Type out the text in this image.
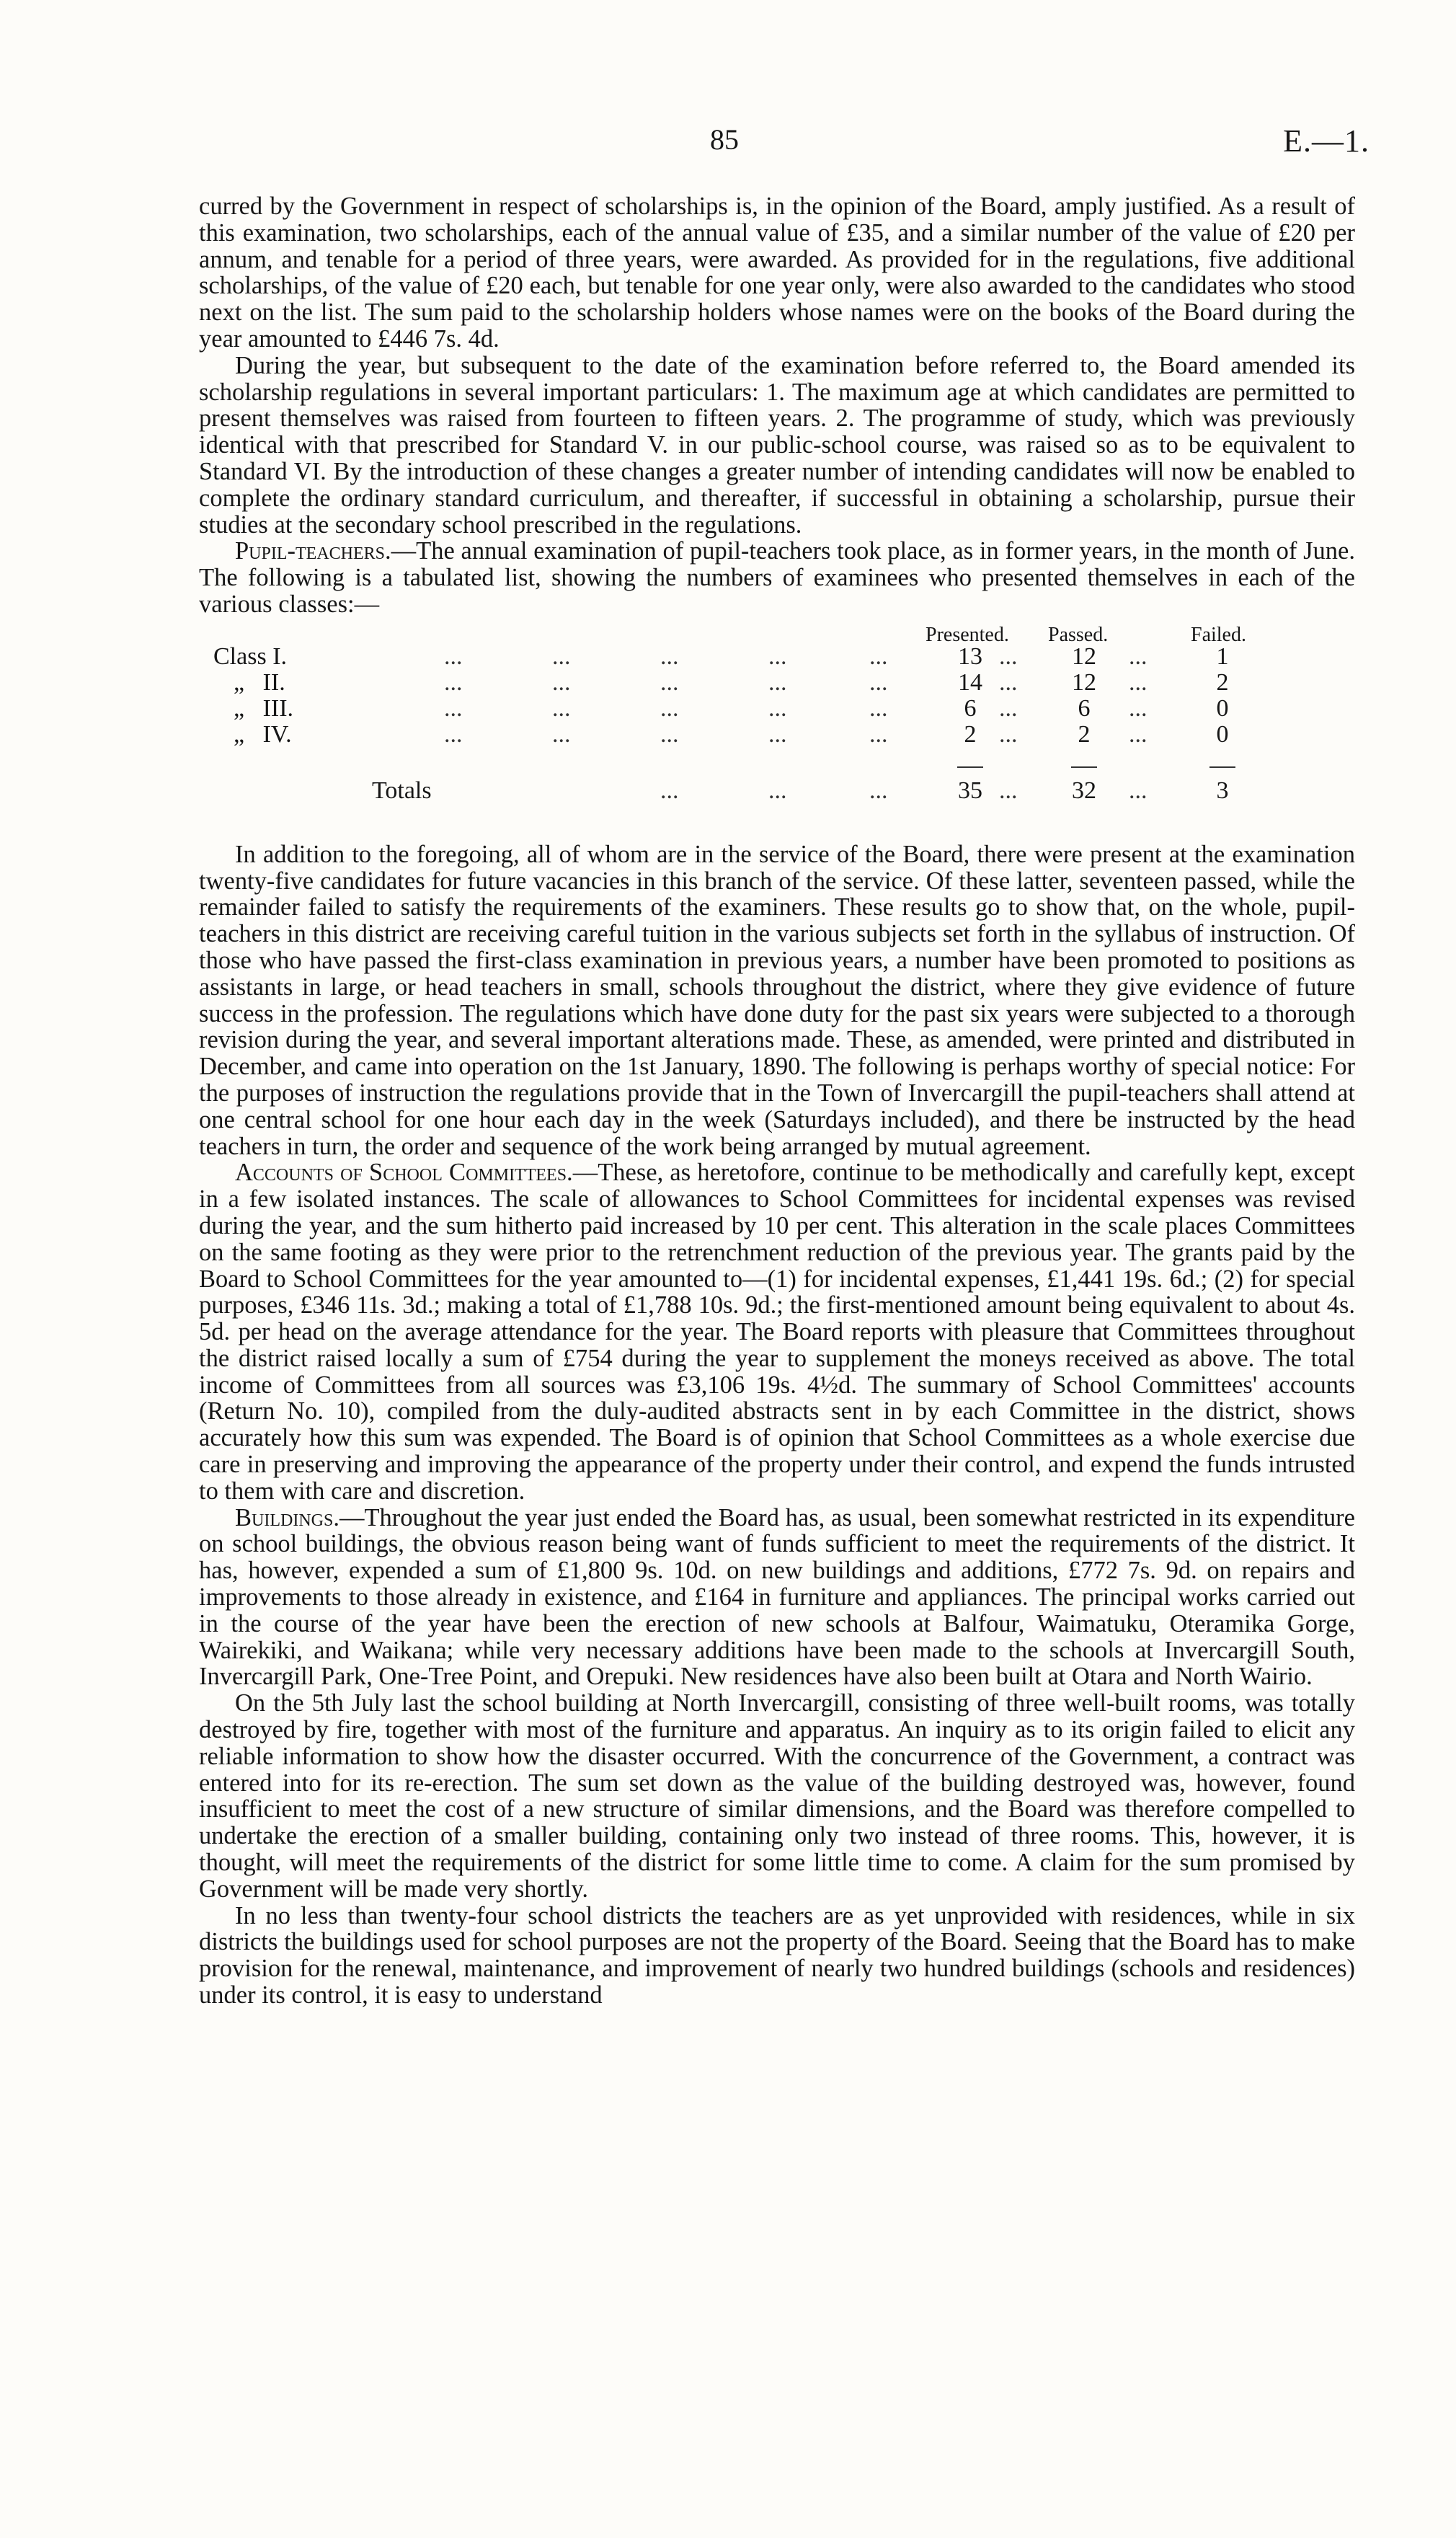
85	E.—1.

curred by the Government in respect of scholarships is, in the opinion of the Board, amply justified. As a result of this examination, two scholarships, each of the annual value of £35, and a similar number of the value of £20 per annum, and tenable for a period of three years, were awarded. As provided for in the regulations, five additional scholarships, of the value of £20 each, but tenable for one year only, were also awarded to the candidates who stood next on the list. The sum paid to the scholarship holders whose names were on the books of the Board during the year amounted to £446 7s. 4d.

During the year, but subsequent to the date of the examination before referred to, the Board amended its scholarship regulations in several important particulars: 1. The maximum age at which candidates are permitted to present themselves was raised from fourteen to fifteen years. 2. The programme of study, which was previously identical with that prescribed for Standard V. in our public-school course, was raised so as to be equivalent to Standard VI. By the introduction of these changes a greater number of intending candidates will now be enabled to complete the ordinary standard curriculum, and thereafter, if successful in obtaining a scholarship, pursue their studies at the secondary school prescribed in the regulations.

Pupil-teachers.—The annual examination of pupil-teachers took place, as in former years, in the month of June. The following is a tabulated list, showing the numbers of examinees who presented themselves in each of the various classes:—

Presented. Passed.	Failed.
Class I.	...	...	...	...	...	13 ...	12	...	1
„ II.	...	...	...	...	...	14 ...	12	...	2
„ III.	...	...	...	...	...	6 ...	6	...	0
„ IV.	...	...	...	...	...	2 ...	2	...	0
Totals	...	...	...	35 ...	32	...	3

In addition to the foregoing, all of whom are in the service of the Board, there were present at the examination twenty-five candidates for future vacancies in this branch of the service. Of these latter, seventeen passed, while the remainder failed to satisfy the requirements of the examiners. These results go to show that, on the whole, pupil-teachers in this district are receiving careful tuition in the various subjects set forth in the syllabus of instruction. Of those who have passed the first-class examination in previous years, a number have been promoted to positions as assistants in large, or head teachers in small, schools throughout the district, where they give evidence of future success in the profession. The regulations which have done duty for the past six years were subjected to a thorough revision during the year, and several important alterations made. These, as amended, were printed and distributed in December, and came into operation on the 1st January, 1890. The following is perhaps worthy of special notice: For the purposes of instruction the regulations provide that in the Town of Invercargill the pupil-teachers shall attend at one central school for one hour each day in the week (Saturdays included), and there be instructed by the head teachers in turn, the order and sequence of the work being arranged by mutual agreement.

Accounts of School Committees.—These, as heretofore, continue to be methodically and carefully kept, except in a few isolated instances. The scale of allowances to School Committees for incidental expenses was revised during the year, and the sum hitherto paid increased by 10 per cent. This alteration in the scale places Committees on the same footing as they were prior to the retrenchment reduction of the previous year. The grants paid by the Board to School Committees for the year amounted to—(1) for incidental expenses, £1,441 19s. 6d.; (2) for special purposes, £346 11s. 3d.; making a total of £1,788 10s. 9d.; the first-mentioned amount being equivalent to about 4s. 5d. per head on the average attendance for the year. The Board reports with pleasure that Committees throughout the district raised locally a sum of £754 during the year to supplement the moneys received as above. The total income of Committees from all sources was £3,106 19s. 4½d. The summary of School Committees' accounts (Return No. 10), compiled from the duly-audited abstracts sent in by each Committee in the district, shows accurately how this sum was expended. The Board is of opinion that School Committees as a whole exercise due care in preserving and improving the appearance of the property under their control, and expend the funds intrusted to them with care and discretion.

Buildings.—Throughout the year just ended the Board has, as usual, been somewhat restricted in its expenditure on school buildings, the obvious reason being want of funds sufficient to meet the requirements of the district. It has, however, expended a sum of £1,800 9s. 10d. on new buildings and additions, £772 7s. 9d. on repairs and improvements to those already in existence, and £164 in furniture and appliances. The principal works carried out in the course of the year have been the erection of new schools at Balfour, Waimatuku, Oteramika Gorge, Wairekiki, and Waikana; while very necessary additions have been made to the schools at Invercargill South, Invercargill Park, One-Tree Point, and Orepuki. New residences have also been built at Otara and North Wairio.

On the 5th July last the school building at North Invercargill, consisting of three well-built rooms, was totally destroyed by fire, together with most of the furniture and apparatus. An inquiry as to its origin failed to elicit any reliable information to show how the disaster occurred. With the concurrence of the Government, a contract was entered into for its re-erection. The sum set down as the value of the building destroyed was, however, found insufficient to meet the cost of a new structure of similar dimensions, and the Board was therefore compelled to undertake the erection of a smaller building, containing only two instead of three rooms. This, however, it is thought, will meet the requirements of the district for some little time to come. A claim for the sum promised by Government will be made very shortly.

In no less than twenty-four school districts the teachers are as yet unprovided with residences, while in six districts the buildings used for school purposes are not the property of the Board. Seeing that the Board has to make provision for the renewal, maintenance, and improvement of nearly two hundred buildings (schools and residences) under its control, it is easy to understand
